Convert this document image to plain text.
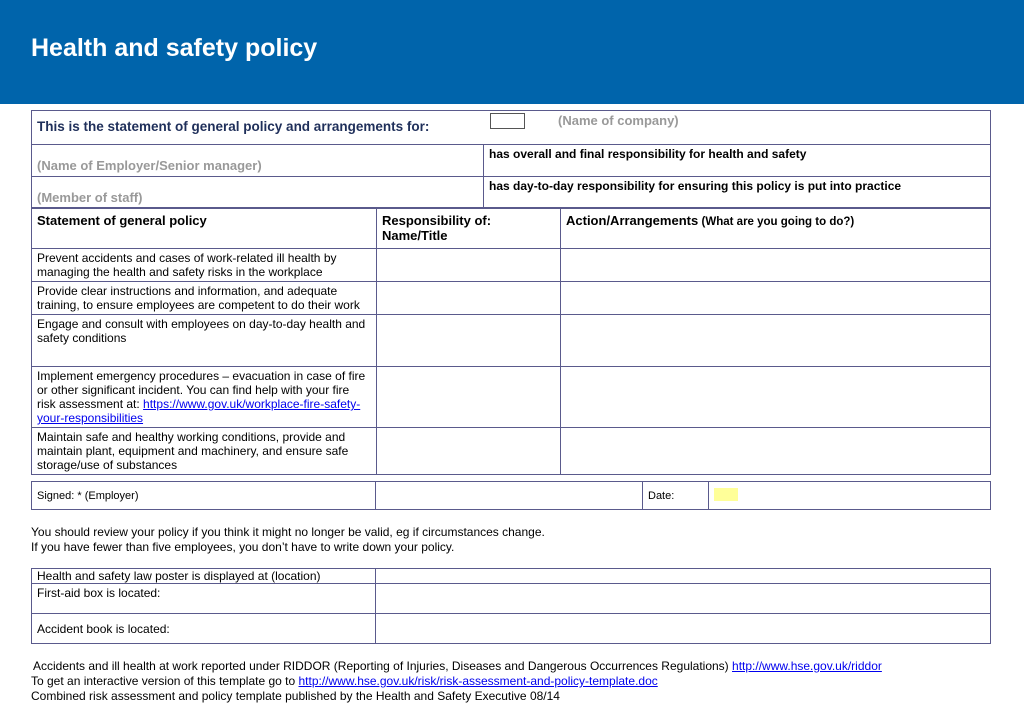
Health and safety policy
This is the statement of general policy and arrangements for: (Name of company)	

(Name of Employer/Senior manager)	has overall and final responsibility for health and safety
(Member of staff)	has day-to-day responsibility for ensuring this policy is put into practice
Statement of general policy	Responsibility of: Name/Title	Action/Arrangements (What are you going to do?)
Prevent accidents and cases of work-related ill health by managing the health and safety risks in the workplace		
Provide clear instructions and information, and adequate training, to ensure employees are competent to do their work		
Engage and consult with employees on day-to-day health and safety conditions		
Implement emergency procedures – evacuation in case of fire or other significant incident. You can find help with your fire risk assessment at: https://www.gov.uk/workplace-fire-safety-your-responsibilities		
Maintain safe and healthy working conditions, provide and maintain plant, equipment and machinery, and ensure safe storage/use of substances		
Signed: * (Employer)		Date:	
You should review your policy if you think it might no longer be valid, eg if circumstances change.
If you have fewer than five employees, you don’t have to write down your policy.
Health and safety law poster is displayed at (location)	
First-aid box is located:	
Accident book is located:	
Accidents and ill health at work reported under RIDDOR (Reporting of Injuries, Diseases and Dangerous Occurrences Regulations) http://www.hse.gov.uk/riddor
To get an interactive version of this template go to http://www.hse.gov.uk/risk/risk-assessment-and-policy-template.doc
Combined risk assessment and policy template published by the Health and Safety Executive 08/14
